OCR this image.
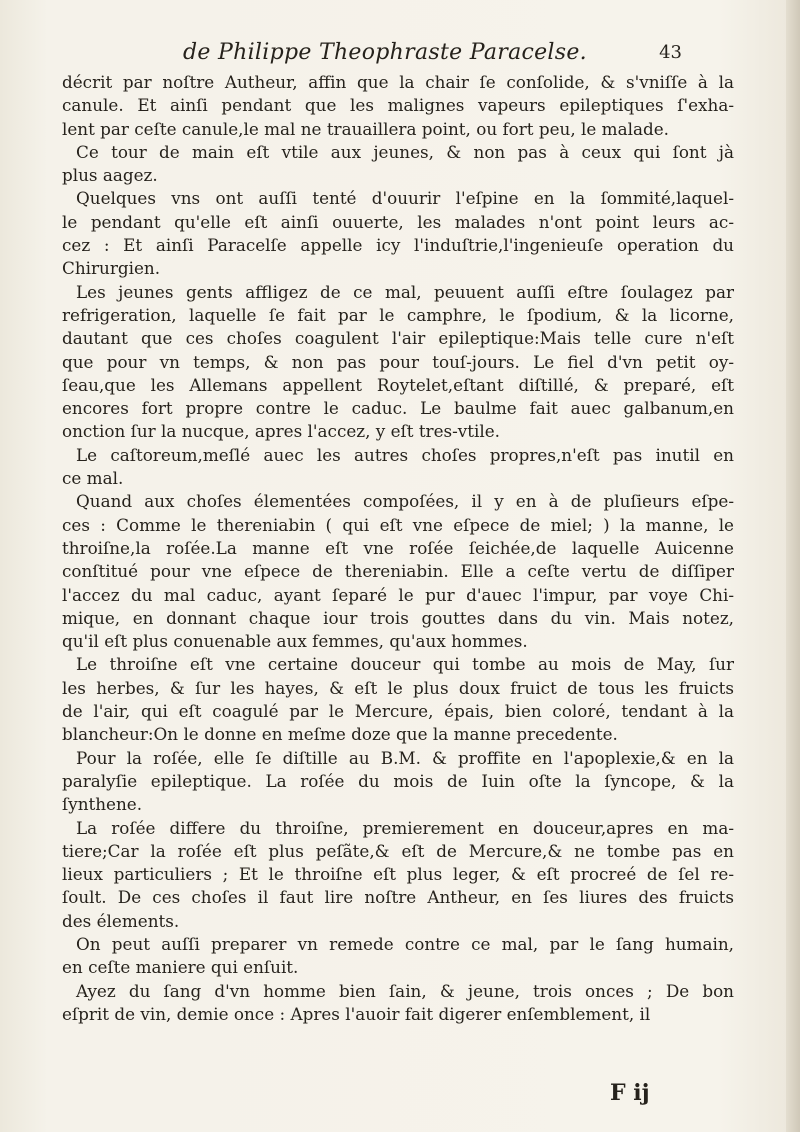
de Philippe Theophraste Paracelse.	43
décrit par noſtre Autheur, affin que la chair ſe conſolide, & s'vniſſe à la
canule. Et ainſi pendant que les malignes vapeurs epileptiques ſ'exha-
lent par ceſte canule,le mal ne trauaillera point, ou fort peu, le malade.
Ce tour de main eſt vtile aux jeunes, & non pas à ceux qui ſont jà
plus aagez.
Quelques vns ont auſſi tenté d'ouurir l'eſpine en la ſommité,laquel-
le pendant qu'elle eſt ainſi ouuerte, les malades n'ont point leurs ac-
cez : Et ainſi Paracelſe appelle icy l'induſtrie,l'ingenieuſe operation du
Chirurgien.
Les jeunes gents affligez de ce mal, peuuent auſſi eſtre ſoulagez par
refrigeration, laquelle ſe fait par le camphre, le ſpodium, & la licorne,
dautant que ces choſes coagulent l'air epileptique:Mais telle cure n'eſt
que pour vn temps, & non pas pour touſ-jours. Le fiel d'vn petit oy-
ſeau,que les Allemans appellent Roytelet,eſtant diſtillé, & preparé, eſt
encores fort propre contre le caduc. Le baulme fait auec galbanum,en
onction ſur la nucque, apres l'accez, y eſt tres-vtile.
Le caſtoreum,meſlé auec les autres choſes propres,n'eſt pas inutil en
ce mal.
Quand aux choſes élementées compoſées, il y en à de pluſieurs eſpe-
ces : Comme le thereniabin ( qui eſt vne eſpece de miel; ) la manne, le
throiſne,la roſée.La manne eſt vne roſée ſeichée,de laquelle Auicenne
conſtitué pour vne eſpece de thereniabin. Elle a ceſte vertu de diſſiper
l'accez du mal caduc, ayant ſeparé le pur d'auec l'impur, par voye Chi-
mique, en donnant chaque iour trois gouttes dans du vin. Mais notez,
qu'il eſt plus conuenable aux femmes, qu'aux hommes.
Le throiſne eſt vne certaine douceur qui tombe au mois de May, ſur
les herbes, & ſur les hayes, & eſt le plus doux fruict de tous les fruicts
de l'air, qui eſt coagulé par le Mercure, épais, bien coloré, tendant à la
blancheur:On le donne en meſme doze que la manne precedente.
Pour la roſée, elle ſe diſtille au B.M. & proffite en l'apoplexie,& en la
paralyſie epileptique. La roſée du mois de Iuin oſte la ſyncope, & la
ſynthene.
La roſée differe du throiſne, premierement en douceur,apres en ma-
tiere;Car la roſée eſt plus peſãte,& eſt de Mercure,& ne tombe pas en
lieux particuliers ; Et le throiſne eſt plus leger, & eſt procreé de ſel re-
ſoult. De ces choſes il faut lire noſtre Antheur, en ſes liures des fruicts
des élements.
On peut auſſi preparer vn remede contre ce mal, par le ſang humain,
en ceſte maniere qui enſuit.
Ayez du ſang d'vn homme bien ſain, & jeune, trois onces ; De bon
eſprit de vin, demie once : Apres l'auoir fait digerer enſemblement, il
F ij
